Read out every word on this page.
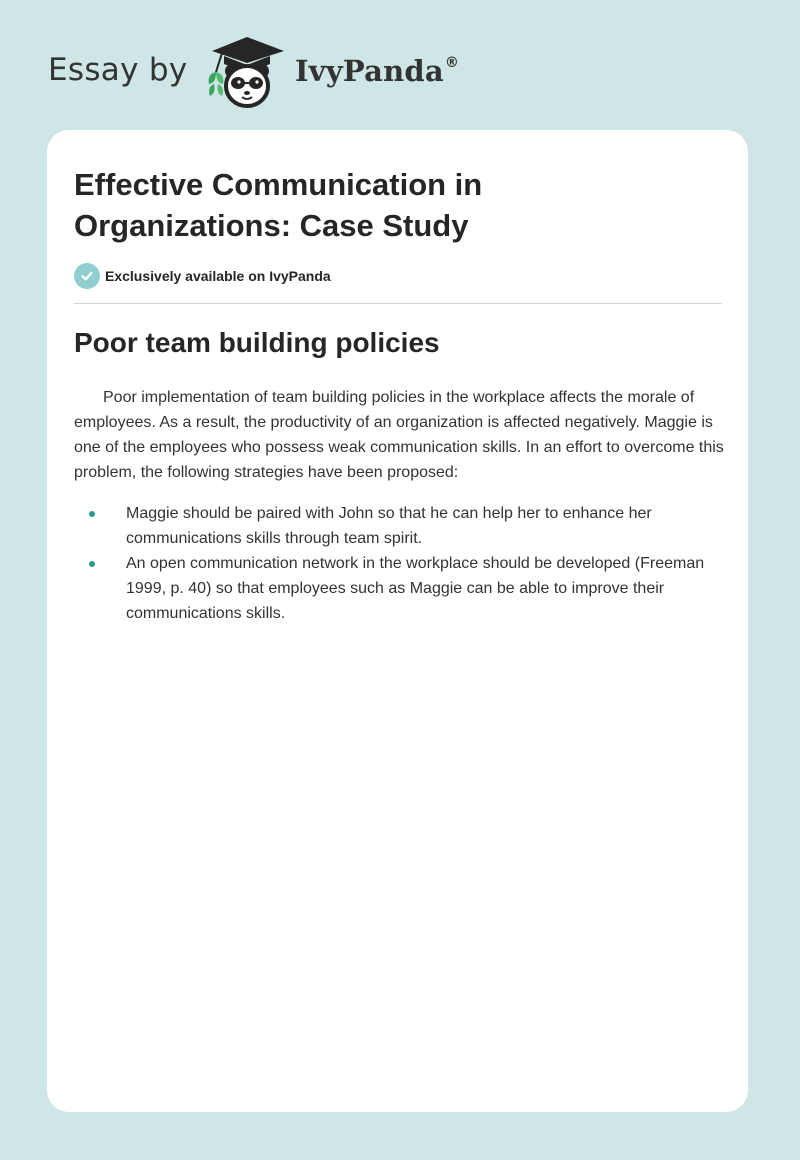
Essay by	IvyPanda®
Effective Communication in Organizations: Case Study
Exclusively available on IvyPanda
Poor team building policies

Poor implementation of team building policies in the workplace affects the morale of employees. As a result, the productivity of an organization is affected negatively. Maggie is one of the employees who possess weak communication skills. In an effort to overcome this problem, the following strategies have been proposed:

Maggie should be paired with John so that he can help her to enhance her communications skills through team spirit.
An open communication network in the workplace should be developed (Freeman 1999, p. 40) so that employees such as Maggie can be able to improve their communications skills.
